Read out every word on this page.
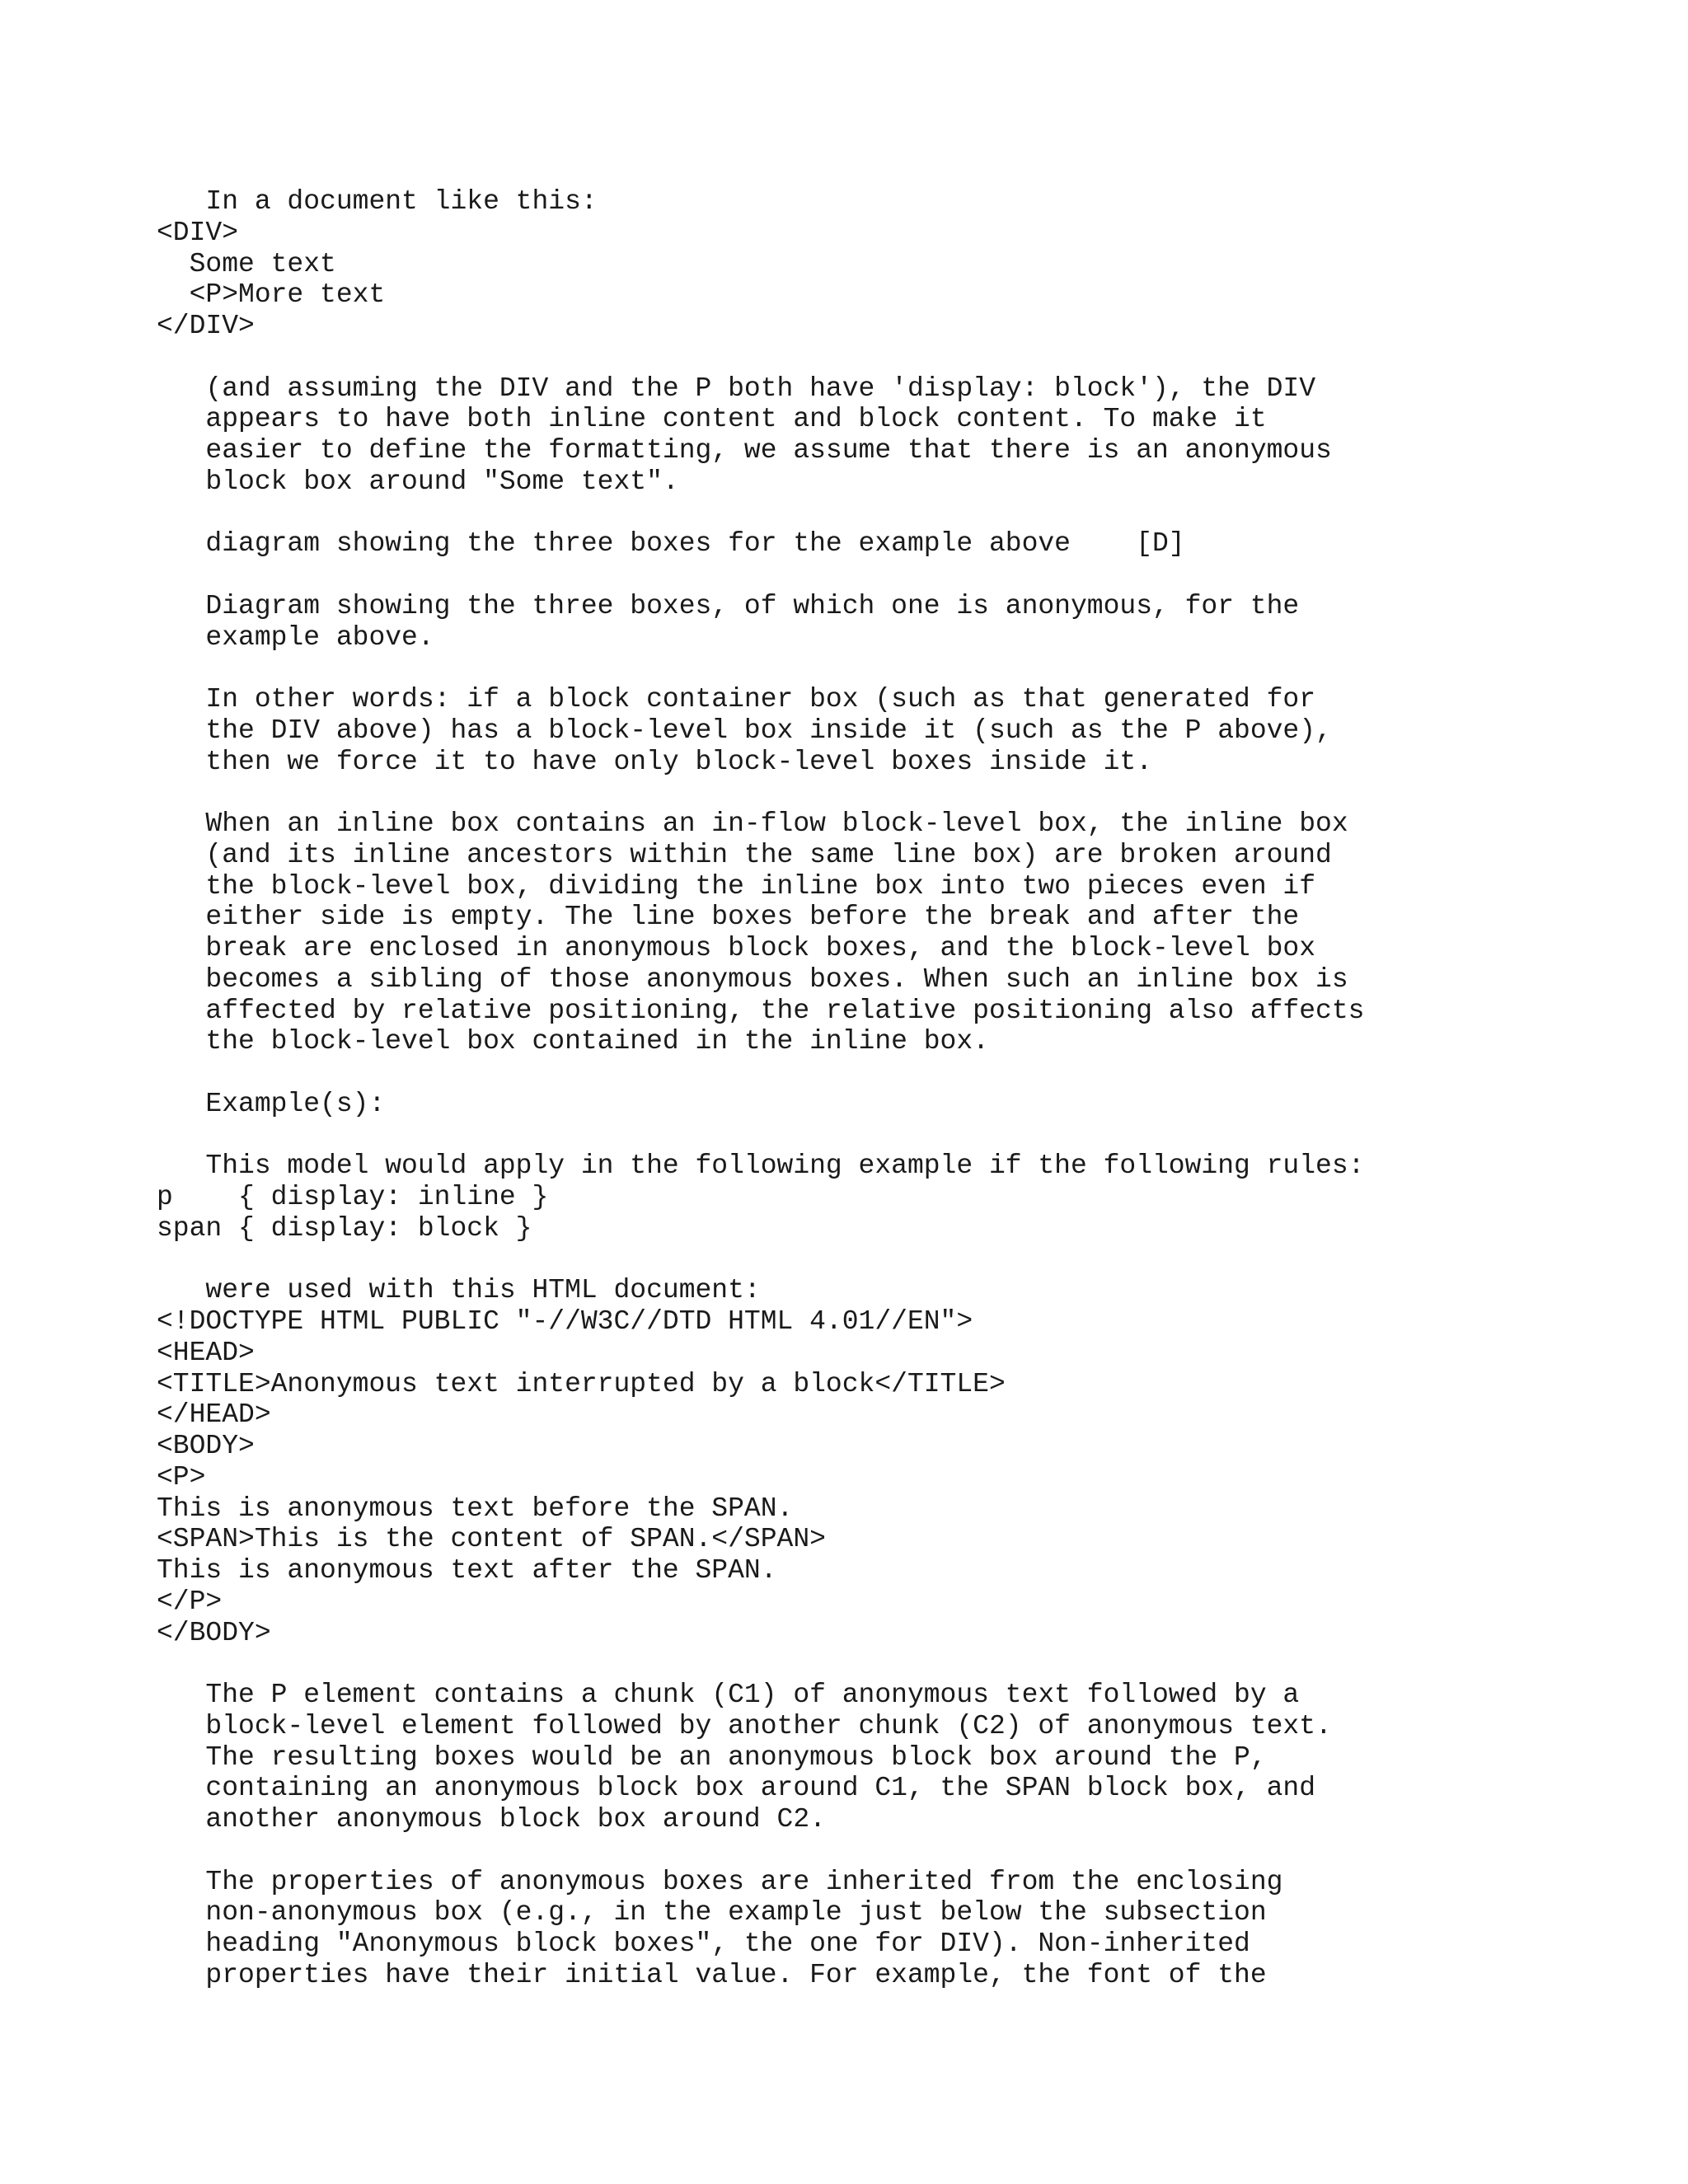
In a document like this:
<DIV>
Some text
<P>More text
</DIV>
(and assuming the DIV and the P both have 'display: block'), the DIV
appears to have both inline content and block content. To make it
easier to define the formatting, we assume that there is an anonymous
block box around "Some text".
diagram showing the three boxes for the example above    [D]
Diagram showing the three boxes, of which one is anonymous, for the
example above.
In other words: if a block container box (such as that generated for
the DIV above) has a block-level box inside it (such as the P above),
then we force it to have only block-level boxes inside it.
When an inline box contains an in-flow block-level box, the inline box
(and its inline ancestors within the same line box) are broken around
the block-level box, dividing the inline box into two pieces even if
either side is empty. The line boxes before the break and after the
break are enclosed in anonymous block boxes, and the block-level box
becomes a sibling of those anonymous boxes. When such an inline box is
affected by relative positioning, the relative positioning also affects
the block-level box contained in the inline box.
Example(s):
This model would apply in the following example if the following rules:
p    { display: inline }
span { display: block }
were used with this HTML document:
<!DOCTYPE HTML PUBLIC "-//W3C//DTD HTML 4.01//EN">
<HEAD>
<TITLE>Anonymous text interrupted by a block</TITLE>
</HEAD>
<BODY>
<P>
This is anonymous text before the SPAN.
<SPAN>This is the content of SPAN.</SPAN>
This is anonymous text after the SPAN.
</P>
</BODY>
The P element contains a chunk (C1) of anonymous text followed by a
block-level element followed by another chunk (C2) of anonymous text.
The resulting boxes would be an anonymous block box around the P,
containing an anonymous block box around C1, the SPAN block box, and
another anonymous block box around C2.
The properties of anonymous boxes are inherited from the enclosing
non-anonymous box (e.g., in the example just below the subsection
heading "Anonymous block boxes", the one for DIV). Non-inherited
properties have their initial value. For example, the font of the
